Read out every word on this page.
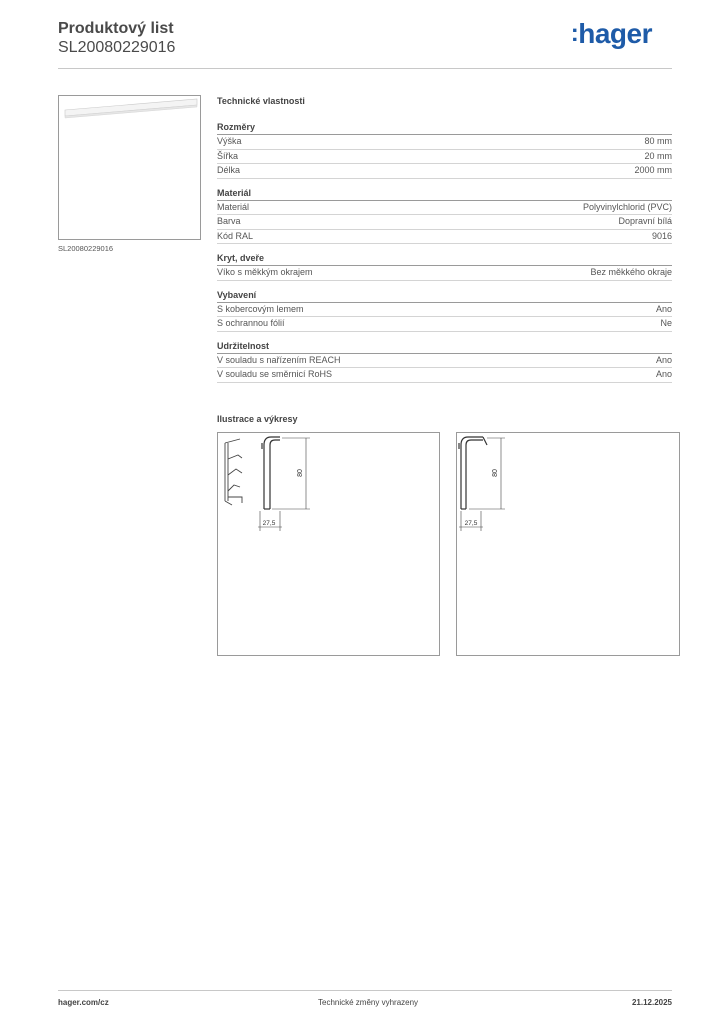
Produktový list
SL20080229016
:hager
SL20080229016
Technické vlastnosti
Rozměry
Výška	80 mm
Šířka	20 mm
Délka	2000 mm
Materiál
Materiál	Polyvinylchlorid (PVC)
Barva	Dopravní bílá
Kód RAL	9016
Kryt, dveře
Víko s měkkým okrajem	Bez měkkého okraje
Vybavení
S kobercovým lemem	Ano
S ochrannou fólií	Ne
Udržitelnost
V souladu s nařízením REACH	Ano
V souladu se směrnicí RoHS	Ano
Ilustrace a výkresy
80
27,5
80
27,5
hager.com/cz	Technické změny vyhrazeny	21.12.2025
